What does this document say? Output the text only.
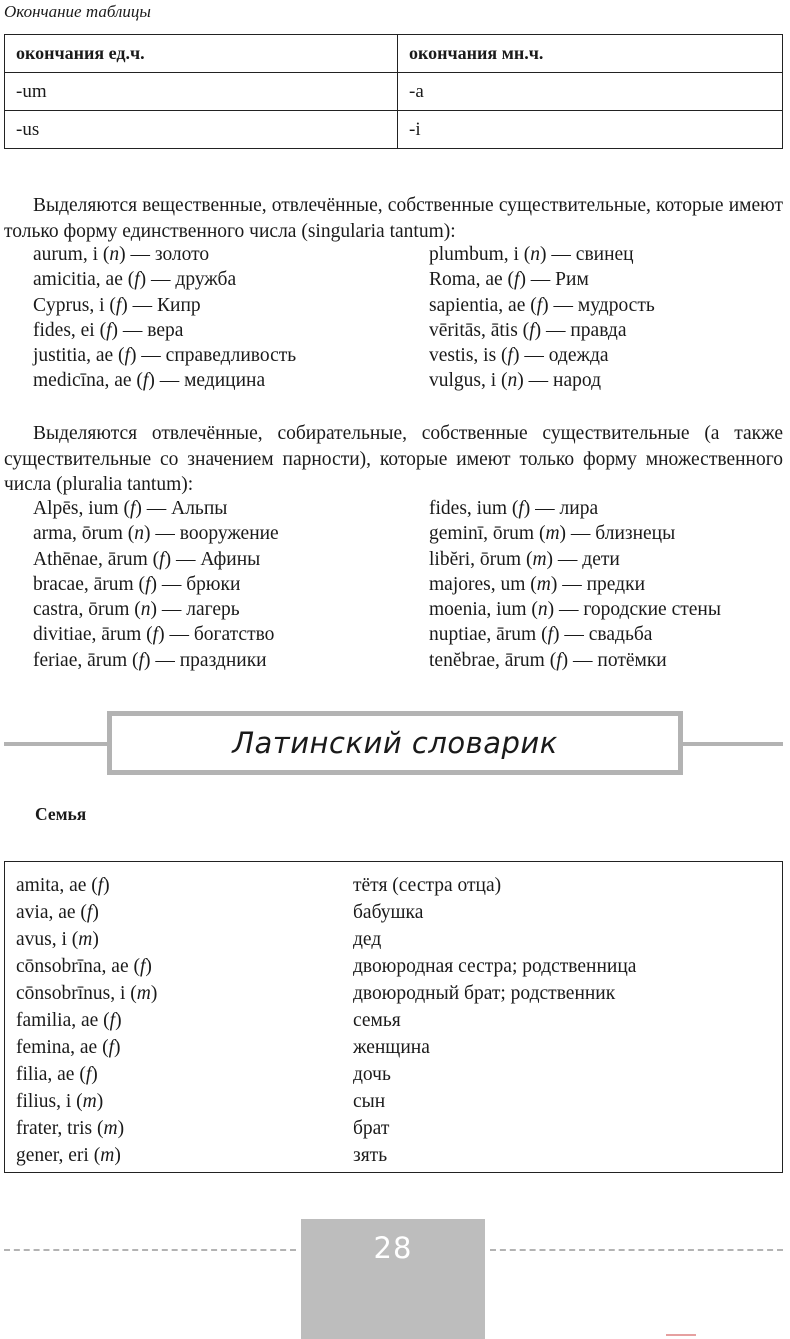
Окончание таблицы
окончания ед.ч.	окончания мн.ч.
-um	-a
-us	-i
Выделяются вещественные, отвлечённые, собственные существительные, которые имеют только форму единственного числа (singularia tantum):
aurum, i (n) — золото	plumbum, i (n) — свинец
amicitia, ae (f) — дружба	Roma, ae (f) — Рим
Cyprus, i (f) — Кипр	sapientia, ae (f) — мудрость
fides, ei (f) — вера	vēritās, ātis (f) — правда
justitia, ae (f) — справедливость	vestis, is (f) — одежда
medicīna, ae (f) — медицина	vulgus, i (n) — народ
Выделяются отвлечённые, собирательные, собственные существительные (а также существительные со значением парности), которые имеют только форму множественного числа (pluralia tantum):
Alpēs, ium (f) — Альпы	fides, ium (f) — лира
arma, ōrum (n) — вооружение	geminī, ōrum (m) — близнецы
Athēnae, ārum (f) — Афины	libĕri, ōrum (m) — дети
bracae, ārum (f) — брюки	majores, um (m) — предки
castra, ōrum (n) — лагерь	moenia, ium (n) — городские стены
divitiae, ārum (f) — богатство	nuptiae, ārum (f) — свадьба
feriae, ārum (f) — праздники	tenĕbrae, ārum (f) — потёмки
Латинский словарик
Семья
amita, ae (f)	тётя (сестра отца)
avia, ae (f)	бабушка
avus, i (m)	дед
cōnsobrīna, ae (f)	двоюродная сестра; родственница
cōnsobrīnus, i (m)	двоюродный брат; родственник
familia, ae (f)	семья
femina, ae (f)	женщина
filia, ae (f)	дочь
filius, i (m)	сын
frater, tris (m)	брат
gener, eri (m)	зять
28
